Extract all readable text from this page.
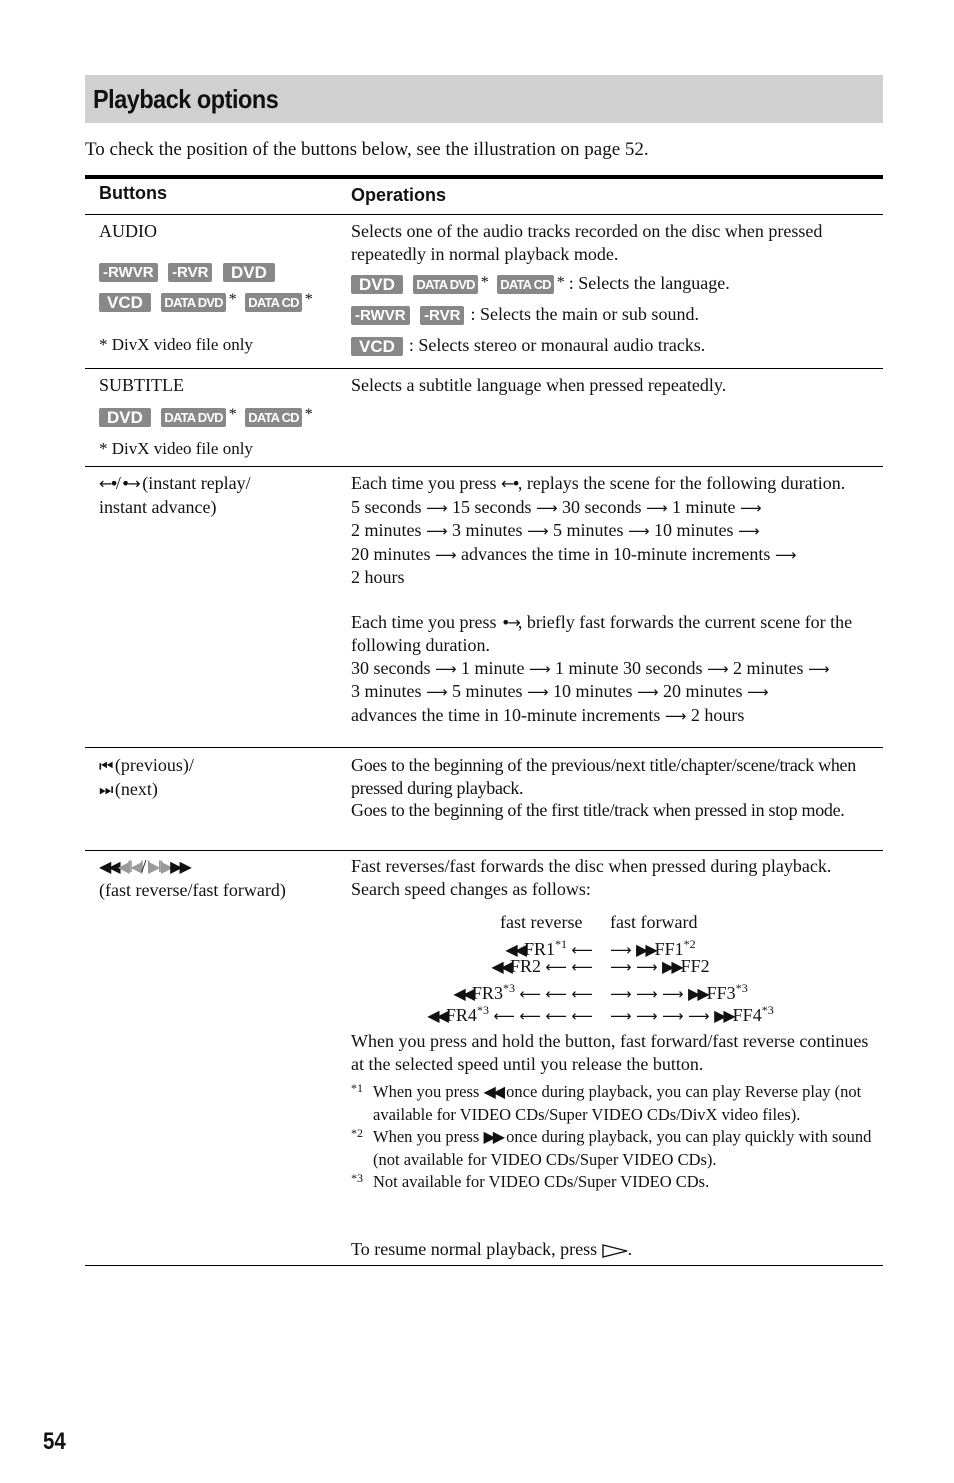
Playback options
To check the position of the buttons below, see the illustration on page 52.
Buttons	Operations
AUDIO
-RWVR -RVR DVD
VCD DATA DVD * DATA CD *
* DivX video file only

Selects one of the audio tracks recorded on the disc when pressed repeatedly in normal playback mode.

DVD DATA DVD * DATA CD * : Selects the language.

-RWVR -RVR : Selects the main or sub sound.

VCD : Selects stereo or monaural audio tracks.

SUBTITLE
DVD DATA DVD * DATA CD *
* DivX video file only
Selects a subtitle language when pressed repeatedly.
←•/•→ (instant replay/
instant advance)

Each time you press ←•, replays the scene for the following duration.

5 seconds ⟶ 15 seconds ⟶ 30 seconds ⟶ 1 minute ⟶
2 minutes ⟶ 3 minutes ⟶ 5 minutes ⟶ 10 minutes ⟶
20 minutes ⟶ advances the time in 10-minute increments ⟶
2 hours

Each time you press •→, briefly fast forwards the current scene for the following duration.

30 seconds ⟶ 1 minute ⟶ 1 minute 30 seconds ⟶ 2 minutes ⟶
3 minutes ⟶ 5 minutes ⟶ 10 minutes ⟶ 20 minutes ⟶
advances the time in 10-minute increments ⟶ 2 hours

⏮ (previous)/
⏭ (next)

Goes to the beginning of the previous/next title/chapter/scene/track when pressed during playback.

Goes to the beginning of the first title/track when pressed in stop mode.

◀◀◀II◀I/I▶II▶▶▶
(fast reverse/fast forward)

Fast reverses/fast forwards the disc when pressed during playback. Search speed changes as follows:

fast reverse fast forward
◀◀FR1$^{*1}$ ⟵
◀◀FR2 ⟵ ⟵
◀◀FR3$^{*3}$ ⟵ ⟵ ⟵
◀◀FR4$^{*3}$ ⟵ ⟵ ⟵ ⟵
⟶ ▶▶FF1$^{*2}$
⟶ ⟶ ▶▶FF2
⟶ ⟶ ⟶ ▶▶FF3$^{*3}$
⟶ ⟶ ⟶ ⟶ ▶▶FF4$^{*3}$

When you press and hold the button, fast forward/fast reverse continues at the selected speed until you release the button.

*1 When you press ◀◀ once during playback, you can play Reverse play (not available for VIDEO CDs/Super VIDEO CDs/DivX video files).
*2 When you press ▶▶ once during playback, you can play quickly with sound (not available for VIDEO CDs/Super VIDEO CDs).
*3 Not available for VIDEO CDs/Super VIDEO CDs.

To resume normal playback, press .

54
